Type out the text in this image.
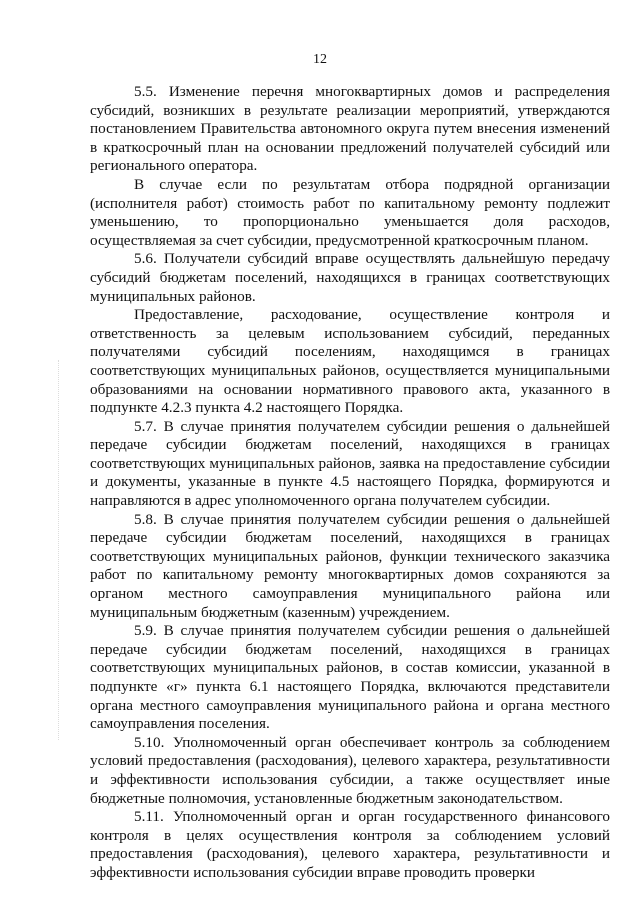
12

5.5. Изменение перечня многоквартирных домов и распределения субсидий, возникших в результате реализации мероприятий, утверждаются постановлением Правительства автономного округа путем внесения изменений в краткосрочный план на основании предложений получателей субсидий или регионального оператора.

В случае если по результатам отбора подрядной организации (исполнителя работ) стоимость работ по капитальному ремонту подлежит уменьшению, то пропорционально уменьшается доля расходов, осуществляемая за счет субсидии, предусмотренной краткосрочным планом.

5.6. Получатели субсидий вправе осуществлять дальнейшую передачу субсидий бюджетам поселений, находящихся в границах соответствующих муниципальных районов.

Предоставление, расходование, осуществление контроля и ответственность за целевым использованием субсидий, переданных получателями субсидий поселениям, находящимся в границах соответствующих муниципальных районов, осуществляется муниципальными образованиями на основании нормативного правового акта, указанного в подпункте 4.2.3 пункта 4.2 настоящего Порядка.

5.7. В случае принятия получателем субсидии решения о дальнейшей передаче субсидии бюджетам поселений, находящихся в границах соответствующих муниципальных районов, заявка на предоставление субсидии и документы, указанные в пункте 4.5 настоящего Порядка, формируются и направляются в адрес уполномоченного органа получателем субсидии.

5.8. В случае принятия получателем субсидии решения о дальнейшей передаче субсидии бюджетам поселений, находящихся в границах соответствующих муниципальных районов, функции технического заказчика работ по капитальному ремонту многоквартирных домов сохраняются за органом местного самоуправления муниципального района или муниципальным бюджетным (казенным) учреждением.

5.9. В случае принятия получателем субсидии решения о дальнейшей передаче субсидии бюджетам поселений, находящихся в границах соответствующих муниципальных районов, в состав комиссии, указанной в подпункте «г» пункта 6.1 настоящего Порядка, включаются представители органа местного самоуправления муниципального района и органа местного самоуправления поселения.

5.10. Уполномоченный орган обеспечивает контроль за соблюдением условий предоставления (расходования), целевого характера, результативности и эффективности использования субсидии, а также осуществляет иные бюджетные полномочия, установленные бюджетным законодательством.

5.11. Уполномоченный орган и орган государственного финансового контроля в целях осуществления контроля за соблюдением условий предоставления (расходования), целевого характера, результативности и эффективности использования субсидии вправе проводить проверки
